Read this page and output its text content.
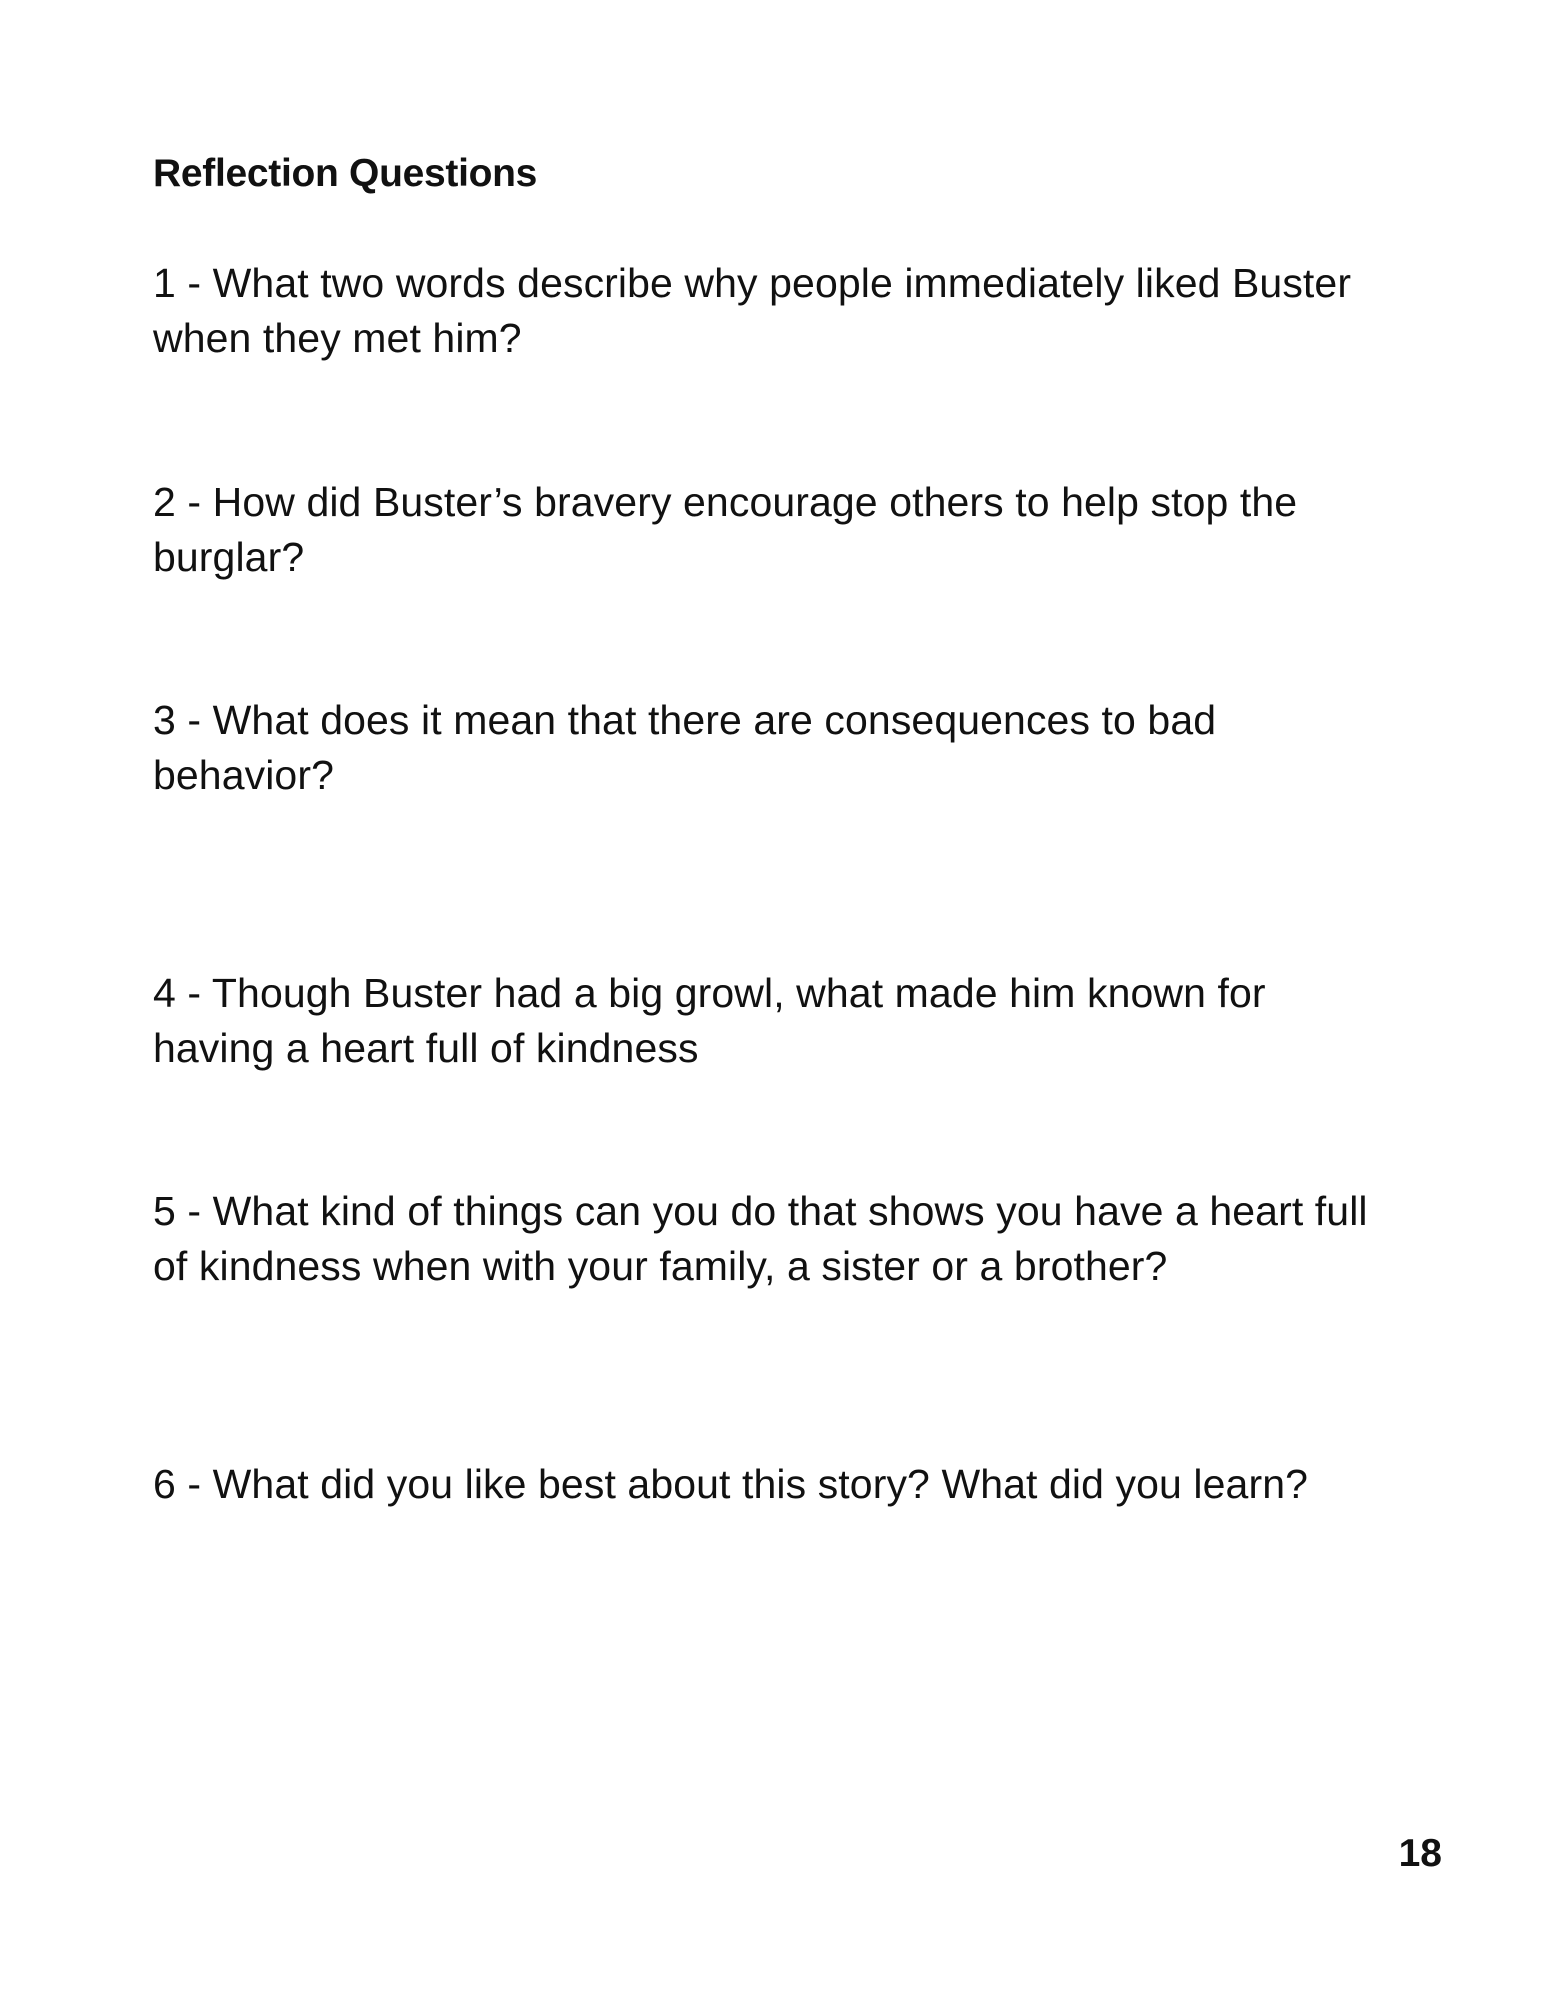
Reflection Questions

1 - What two words describe why people immediately liked Buster when they met him?

2 - How did Buster’s bravery encourage others to help stop the burglar?

3 - What does it mean that there are consequences to bad behavior?

4 - Though Buster had a big growl, what made him known for having a heart full of kindness

5 - What kind of things can you do that shows you have a heart full of kindness when with your family, a sister or a brother?

6 - What did you like best about this story? What did you learn?

18
